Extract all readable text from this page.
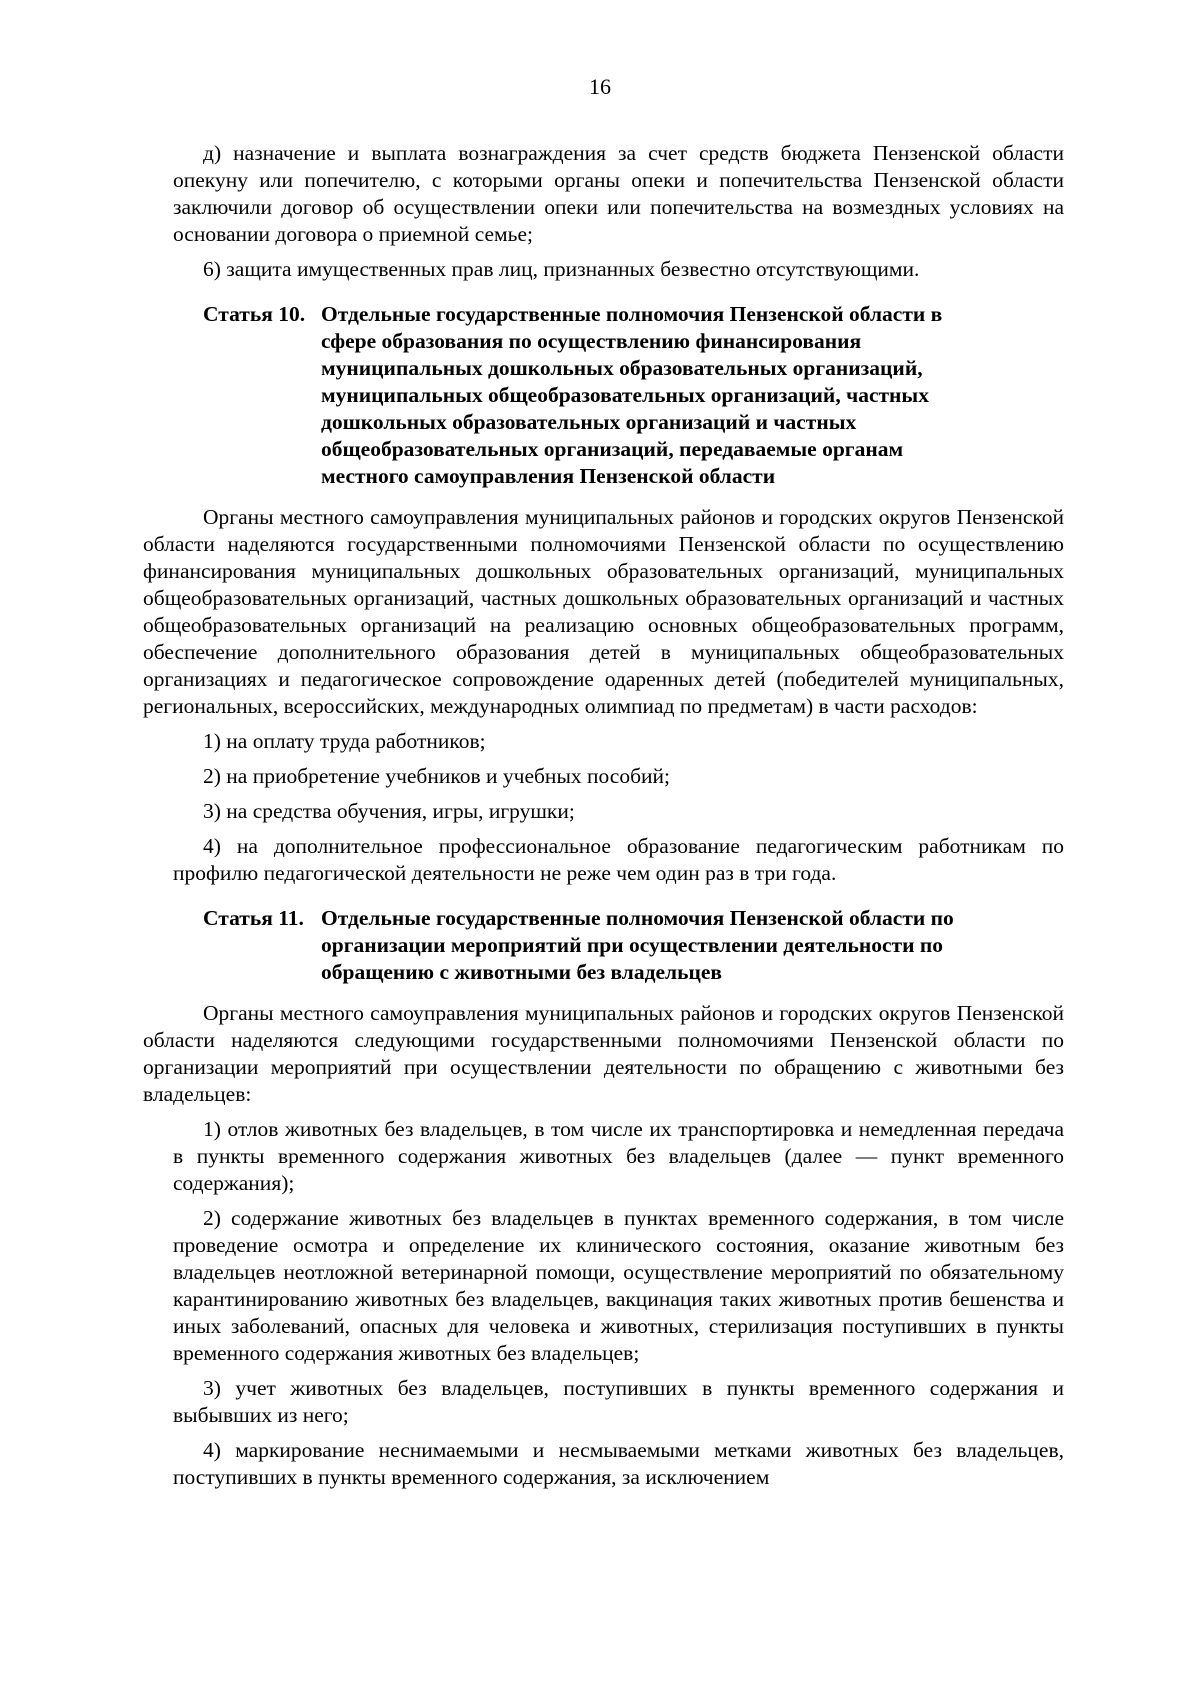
16

д) назначение и выплата вознаграждения за счет средств бюджета Пензенской области опекуну или попечителю, с которыми органы опеки и попечительства Пензенской области заключили договор об осуществлении опеки или попечительства на возмездных условиях на основании договора о приемной семье;

6) защита имущественных прав лиц, признанных безвестно отсутствующими.

Статья 10. Отдельные государственные полномочия Пензенской области в
сфере образования по осуществлению финансирования
муниципальных дошкольных образовательных организаций,
муниципальных общеобразовательных организаций, частных
дошкольных образовательных организаций и частных
общеобразовательных организаций, передаваемые органам
местного самоуправления Пензенской области

Органы местного самоуправления муниципальных районов и городских округов Пензенской области наделяются государственными полномочиями Пензенской области по осуществлению финансирования муниципальных дошкольных образовательных организаций, муниципальных общеобразовательных организаций, частных дошкольных образовательных организаций и частных общеобразовательных организаций на реализацию основных общеобразовательных программ, обеспечение дополнительного образования детей в муниципальных общеобразовательных организациях и педагогическое сопровождение одаренных детей (победителей муниципальных, региональных, всероссийских, международных олимпиад по предметам) в части расходов:

1) на оплату труда работников;

2) на приобретение учебников и учебных пособий;

3) на средства обучения, игры, игрушки;

4) на дополнительное профессиональное образование педагогическим работникам по профилю педагогической деятельности не реже чем один раз в три года.

Статья 11. Отдельные государственные полномочия Пензенской области по
организации мероприятий при осуществлении деятельности по
обращению с животными без владельцев

Органы местного самоуправления муниципальных районов и городских округов Пензенской области наделяются следующими государственными полномочиями Пензенской области по организации мероприятий при осуществлении деятельности по обращению с животными без владельцев:

1) отлов животных без владельцев, в том числе их транспортировка и немедленная передача в пункты временного содержания животных без владельцев (далее — пункт временного содержания);

2) содержание животных без владельцев в пунктах временного содержания, в том числе проведение осмотра и определение их клинического состояния, оказание животным без владельцев неотложной ветеринарной помощи, осуществление мероприятий по обязательному карантинированию животных без владельцев, вакцинация таких животных против бешенства и иных заболеваний, опасных для человека и животных, стерилизация поступивших в пункты временного содержания животных без владельцев;

3) учет животных без владельцев, поступивших в пункты временного содержания и выбывших из него;

4) маркирование неснимаемыми и несмываемыми метками животных без владельцев, поступивших в пункты временного содержания, за исключением
